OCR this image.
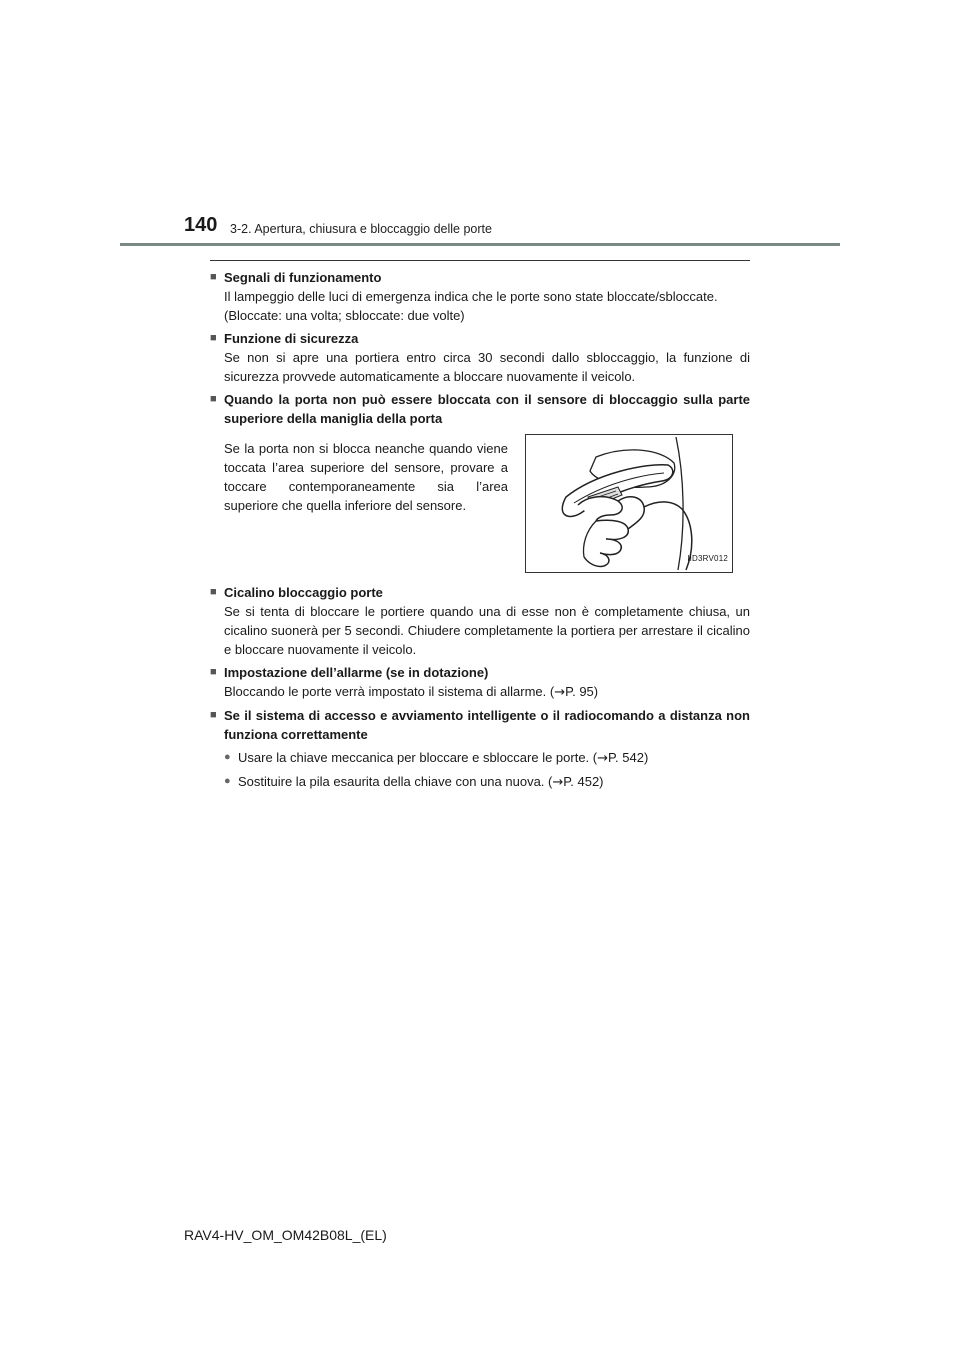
140 3-2. Apertura, chiusura e bloccaggio delle porte
■ Segnali di funzionamento
Il lampeggio delle luci di emergenza indica che le porte sono state bloccate/sbloccate.
(Bloccate: una volta; sbloccate: due volte)
■ Funzione di sicurezza
Se non si apre una portiera entro circa 30 secondi dallo sbloccaggio, la funzione di sicurezza provvede automaticamente a bloccare nuovamente il veicolo.
■ Quando la porta non può essere bloccata con il sensore di bloccaggio sulla parte superiore della maniglia della porta
Se la porta non si blocca neanche quando viene toccata l’area superiore del sensore, provare a toccare contemporaneamente sia l’area superiore che quella inferiore del sensore.
IID3RV012
■ Cicalino bloccaggio porte
Se si tenta di bloccare le portiere quando una di esse non è completamente chiusa, un cicalino suonerà per 5 secondi. Chiudere completamente la portiera per arrestare il cicalino e bloccare nuovamente il veicolo.
■ Impostazione dell’allarme (se in dotazione)
Bloccando le porte verrà impostato il sistema di allarme. (→P. 95)
■ Se il sistema di accesso e avviamento intelligente o il radiocomando a distanza non funziona correttamente
● Usare la chiave meccanica per bloccare e sbloccare le porte. (→P. 542)
● Sostituire la pila esaurita della chiave con una nuova. (→P. 452)
RAV4-HV_OM_OM42B08L_(EL)
